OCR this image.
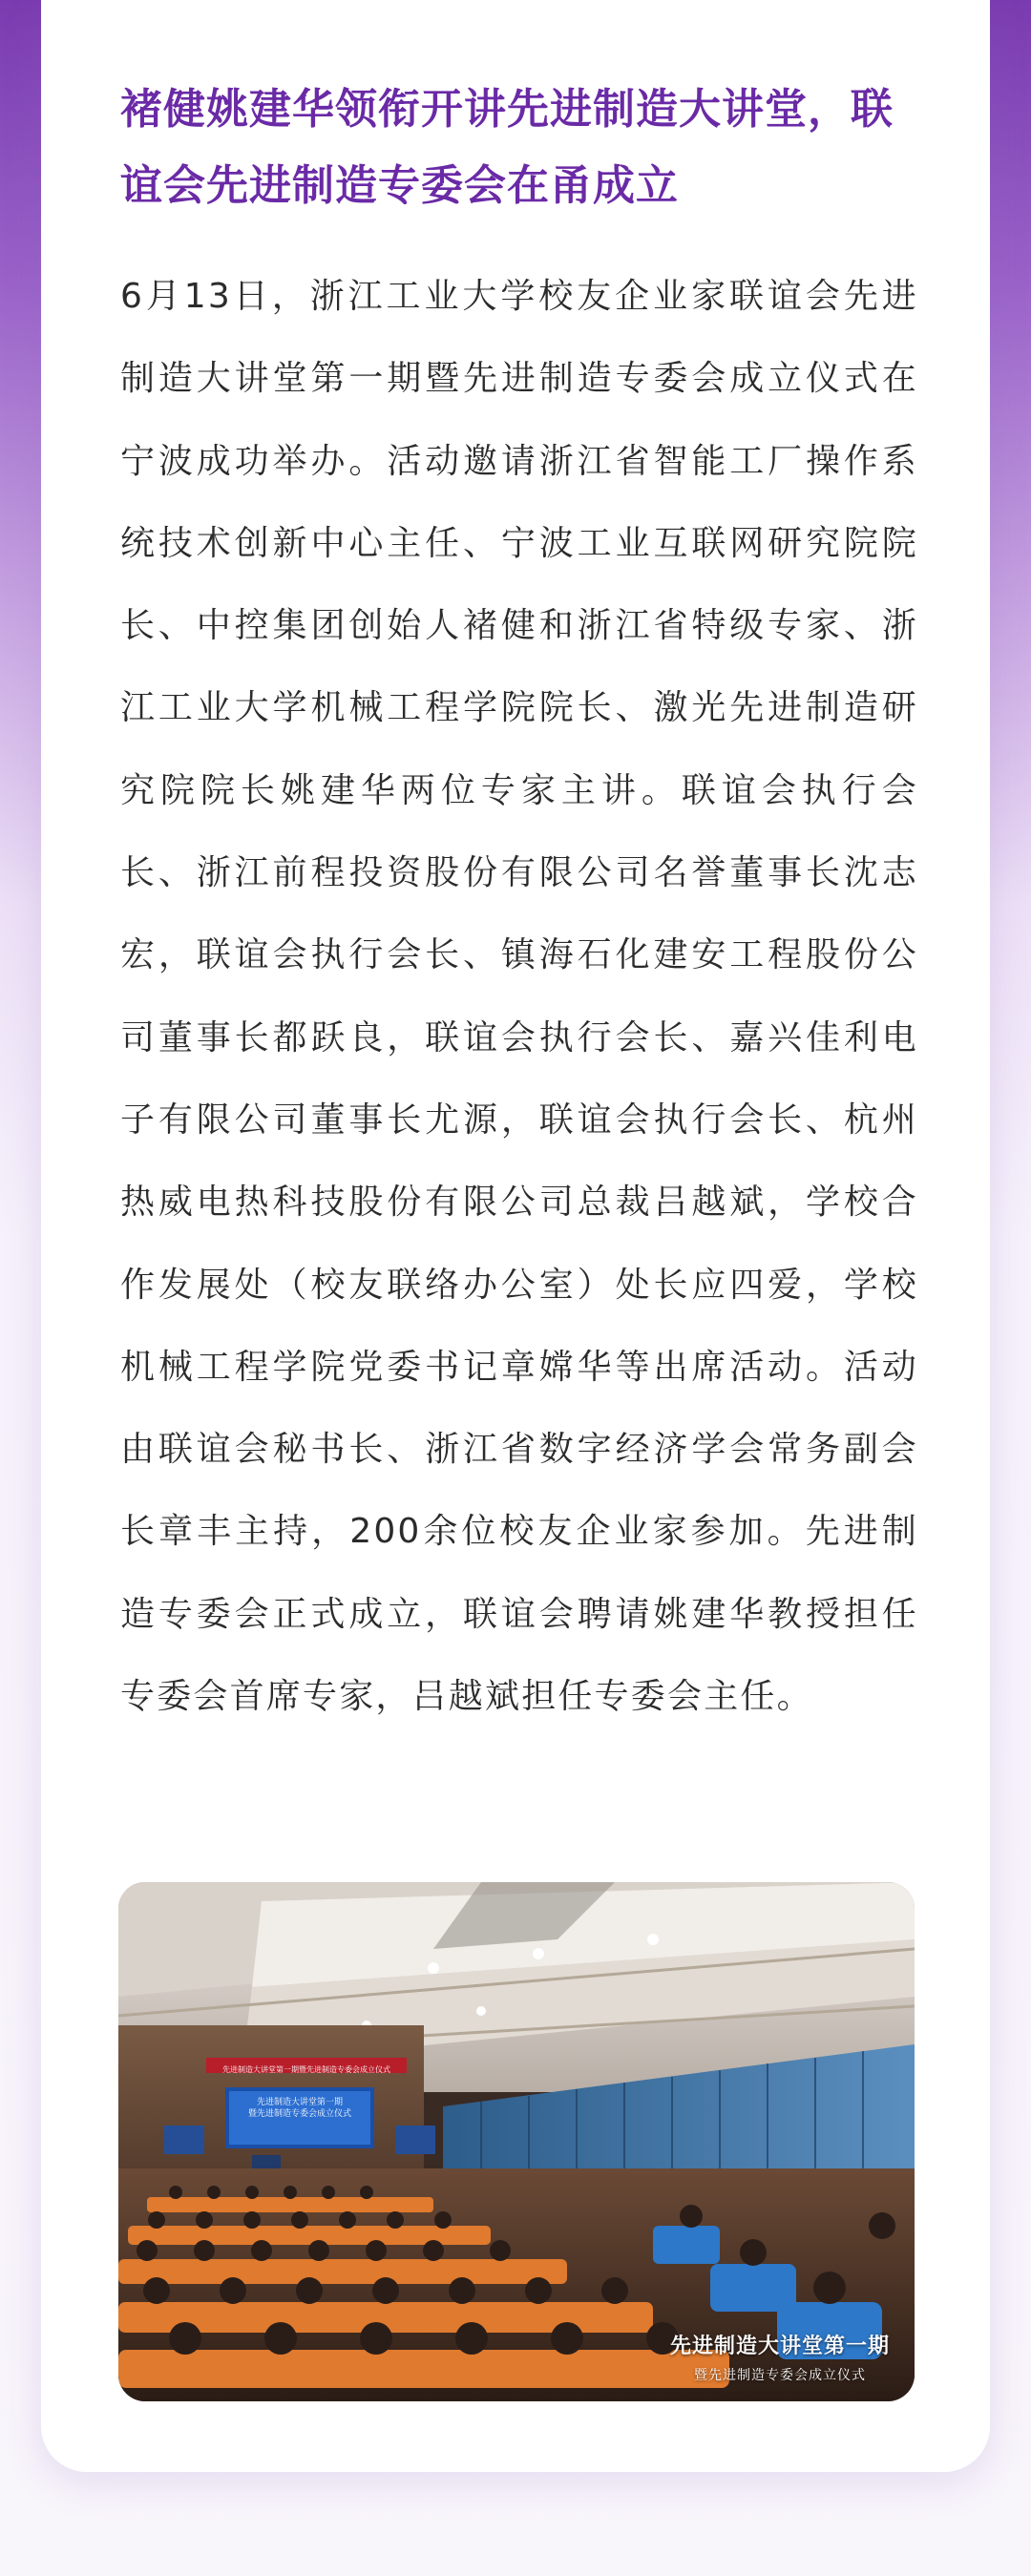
褚健姚建华领衔开讲先进制造大讲堂，联谊会先进制造专委会在甬成立

6月13日，浙江工业大学校友企业家联谊会先进制造大讲堂第一期暨先进制造专委会成立仪式在宁波成功举办。活动邀请浙江省智能工厂操作系统技术创新中心主任、宁波工业互联网研究院院长、中控集团创始人褚健和浙江省特级专家、浙江工业大学机械工程学院院长、激光先进制造研究院院长姚建华两位专家主讲。联谊会执行会长、浙江前程投资股份有限公司名誉董事长沈志宏，联谊会执行会长、镇海石化建安工程股份公司董事长都跃良，联谊会执行会长、嘉兴佳利电子有限公司董事长尤源，联谊会执行会长、杭州热威电热科技股份有限公司总裁吕越斌，学校合作发展处（校友联络办公室）处长应四爱，学校机械工程学院党委书记章嫦华等出席活动。活动由联谊会秘书长、浙江省数字经济学会常务副会长章丰主持，200余位校友企业家参加。先进制造专委会正式成立，联谊会聘请姚建华教授担任专委会首席专家，吕越斌担任专委会主任。

先进制造大讲堂第一期暨先进制造专委会成立仪式
先进制造大讲堂第一期
暨先进制造专委会成立仪式
先进制造大讲堂第一期
暨先进制造专委会成立仪式
